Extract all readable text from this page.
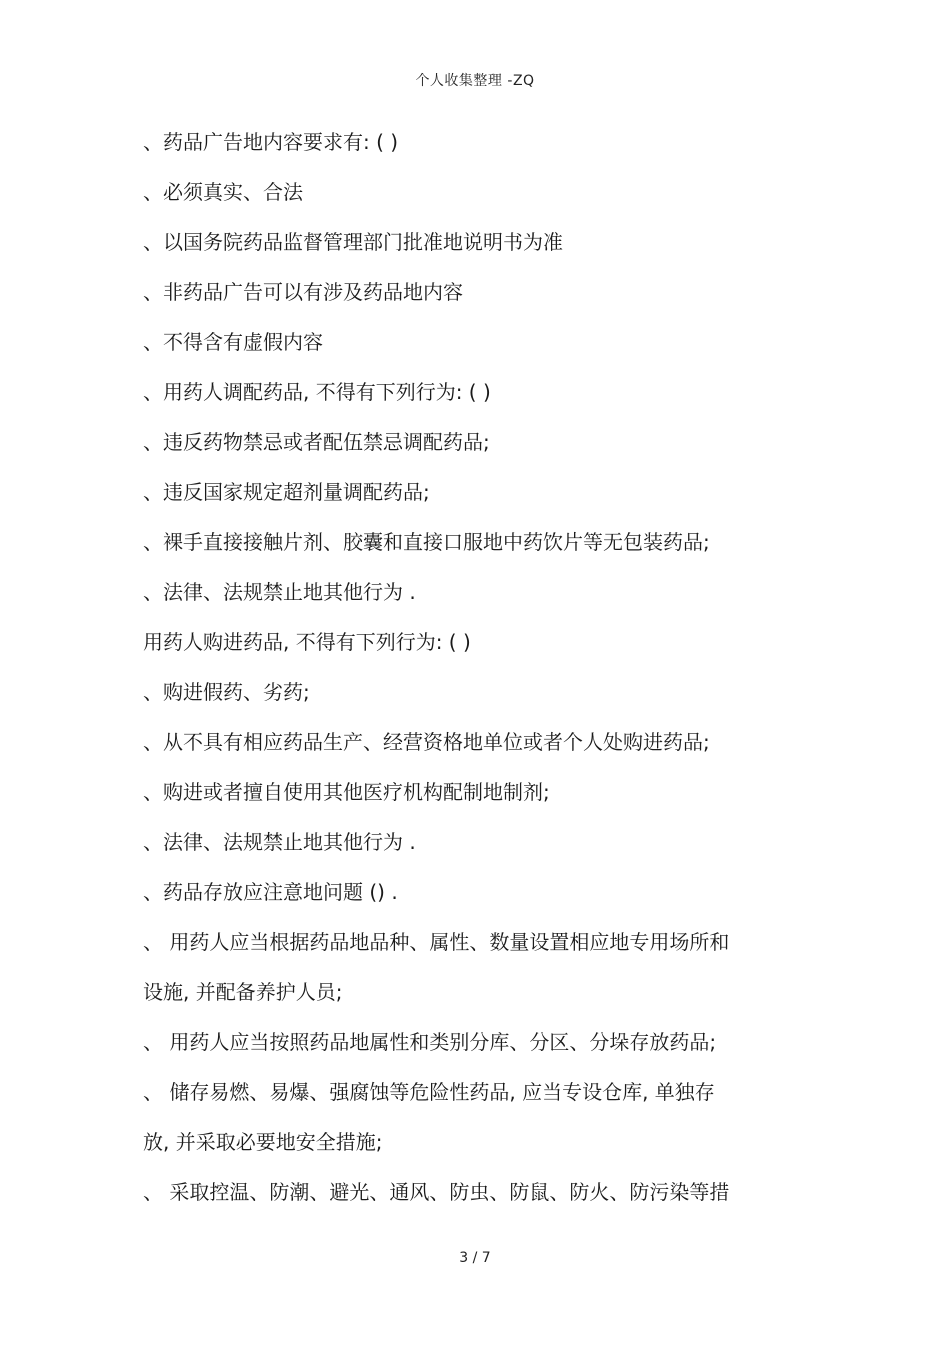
个人收集整理 -ZQ
、药品广告地内容要求有: ( )
、必须真实、合法
、以国务院药品监督管理部门批准地说明书为准
、非药品广告可以有涉及药品地内容
、不得含有虚假内容
、用药人调配药品, 不得有下列行为: ( )
、违反药物禁忌或者配伍禁忌调配药品;
、违反国家规定超剂量调配药品;
、裸手直接接触片剂、胶囊和直接口服地中药饮片等无包装药品;
、法律、法规禁止地其他行为 .
用药人购进药品, 不得有下列行为: ( )
、购进假药、劣药;
、从不具有相应药品生产、经营资格地单位或者个人处购进药品;
、购进或者擅自使用其他医疗机构配制地制剂;
、法律、法规禁止地其他行为 .
、药品存放应注意地问题 () .
、 用药人应当根据药品地品种、属性、数量设置相应地专用场所和
设施, 并配备养护人员;
、 用药人应当按照药品地属性和类别分库、分区、分垛存放药品;
、 储存易燃、易爆、强腐蚀等危险性药品, 应当专设仓库, 单独存
放, 并采取必要地安全措施;
、 采取控温、防潮、避光、通风、防虫、防鼠、防火、防污染等措
3 / 7
